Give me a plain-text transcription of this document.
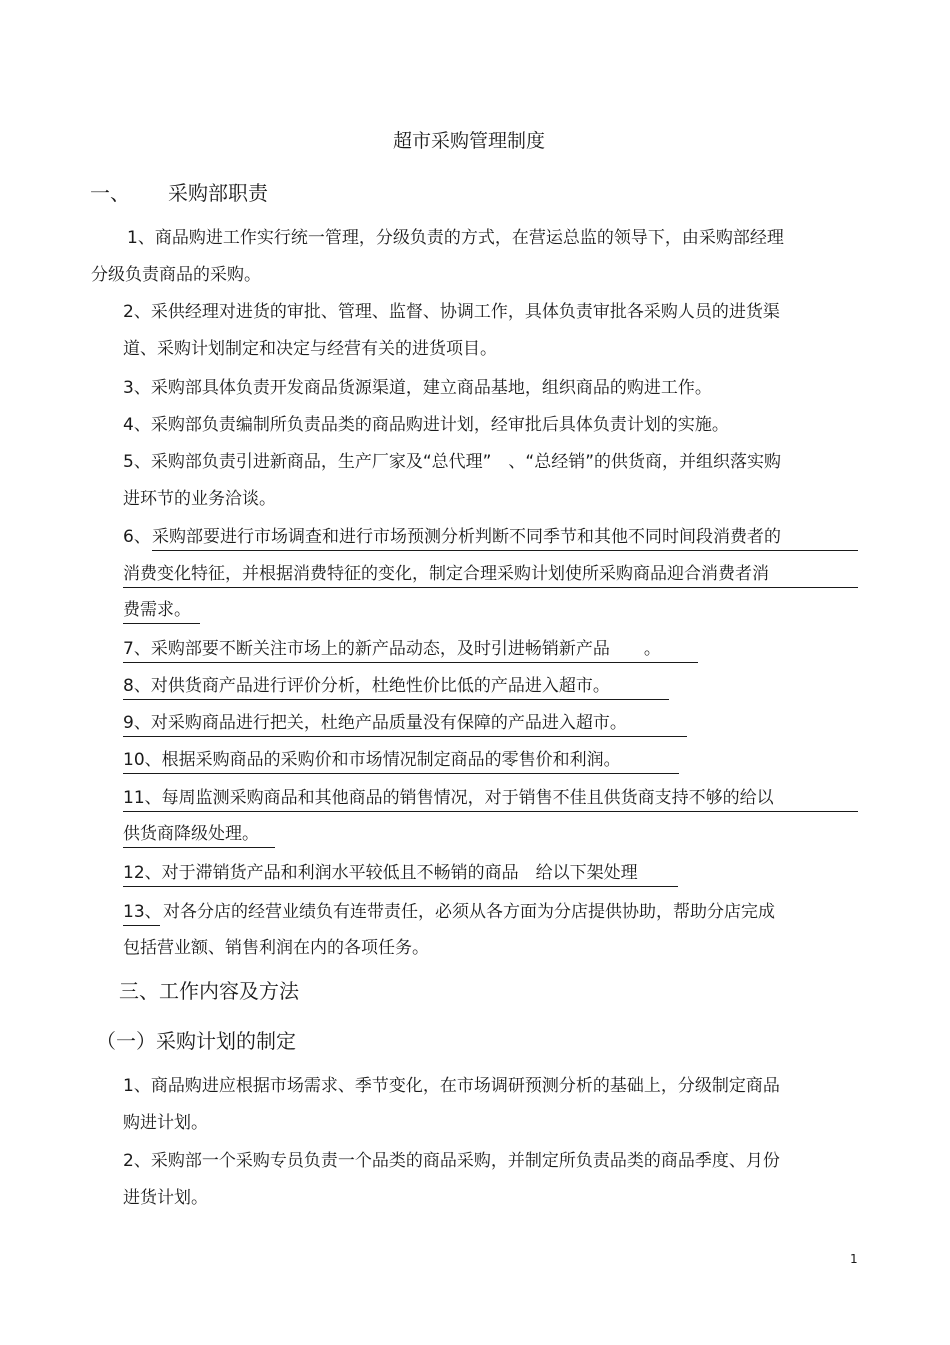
超市采购管理制度
一、 采购部职责
1、商品购进工作实行统一管理，分级负责的方式，在营运总监的领导下，由采购部经理
分级负责商品的采购。
2、采供经理对进货的审批、管理、监督、协调工作，具体负责审批各采购人员的进货渠
道、采购计划制定和决定与经营有关的进货项目。
3、采购部具体负责开发商品货源渠道，建立商品基地，组织商品的购进工作。
4、采购部负责编制所负责品类的商品购进计划，经审批后具体负责计划的实施。
5、采购部负责引进新商品，生产厂家及“总代理”　、“总经销”的供货商，并组织落实购
进环节的业务洽谈。
6、 采购部要进行市场调查和进行市场预测分析判断不同季节和其他不同时间段消费者的
消费变化特征，并根据消费特征的变化，制定合理采购计划使所采购商品迎合消费者消
费需求。
7、采购部要不断关注市场上的新产品动态，及时引进畅销新产品　　。
8、对供货商产品进行评价分析，杜绝性价比低的产品进入超市。
9、对采购商品进行把关，杜绝产品质量没有保障的产品进入超市。
10、根据采购商品的采购价和市场情况制定商品的零售价和利润。
11、每周监测采购商品和其他商品的销售情况，对于销售不佳且供货商支持不够的给以
供货商降级处理。
12、对于滞销货产品和利润水平较低且不畅销的商品　给以下架处理
13、 对各分店的经营业绩负有连带责任，必须从各方面为分店提供协助，帮助分店完成
包括营业额、销售利润在内的各项任务。
三、工作内容及方法
（一）采购计划的制定
1、商品购进应根据市场需求、季节变化，在市场调研预测分析的基础上，分级制定商品
购进计划。
2、采购部一个采购专员负责一个品类的商品采购，并制定所负责品类的商品季度、月份
进货计划。
1
